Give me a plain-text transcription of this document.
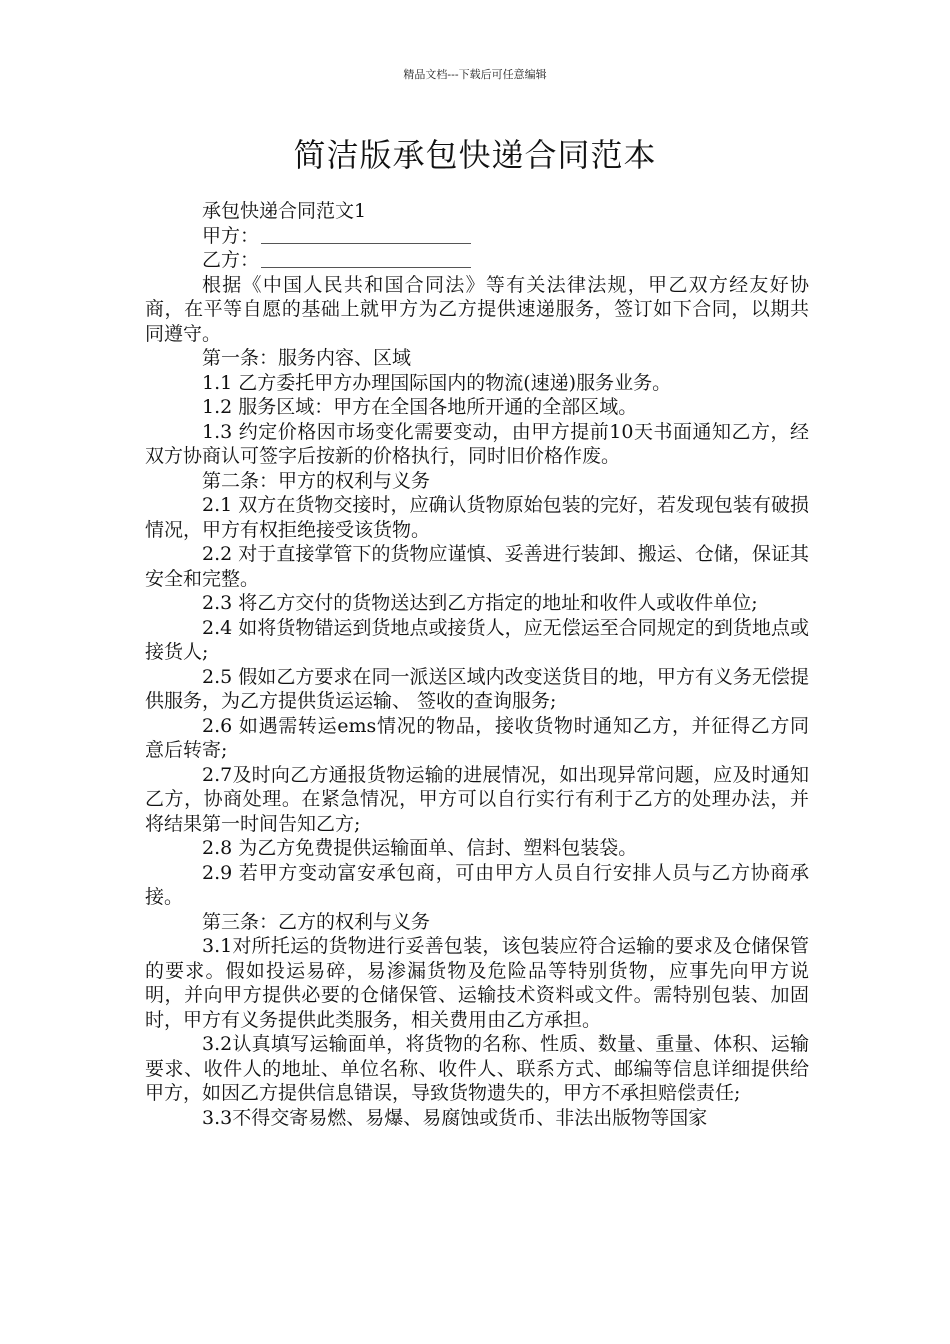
精品文档---下载后可任意编辑
简洁版承包快递合同范本

承包快递合同范文1

甲方：

乙方：

根据《中国人民共和国合同法》等有关法律法规，甲乙双方经友好协商，在平等自愿的基础上就甲方为乙方提供速递服务，签订如下合同，以期共同遵守。

第一条：服务内容、区域

1.1 乙方委托甲方办理国际国内的物流(速递)服务业务。

1.2 服务区域：甲方在全国各地所开通的全部区域。

1.3 约定价格因市场变化需要变动，由甲方提前10天书面通知乙方，经双方协商认可签字后按新的价格执行，同时旧价格作废。

第二条：甲方的权利与义务

2.1 双方在货物交接时，应确认货物原始包装的完好，若发现包装有破损情况，甲方有权拒绝接受该货物。

2.2 对于直接掌管下的货物应谨慎、妥善进行装卸、搬运、仓储，保证其安全和完整。

2.3 将乙方交付的货物送达到乙方指定的地址和收件人或收件单位;

2.4 如将货物错运到货地点或接货人，应无偿运至合同规定的到货地点或接货人;

2.5 假如乙方要求在同一派送区域内改变送货目的地，甲方有义务无偿提供服务，为乙方提供货运运输、 签收的查询服务;

2.6 如遇需转运ems情况的物品，接收货物时通知乙方，并征得乙方同意后转寄;

2.7及时向乙方通报货物运输的进展情况，如出现异常问题，应及时通知乙方，协商处理。在紧急情况，甲方可以自行实行有利于乙方的处理办法，并将结果第一时间告知乙方;

2.8 为乙方免费提供运输面单、信封、塑料包装袋。

2.9 若甲方变动富安承包商，可由甲方人员自行安排人员与乙方协商承接。

第三条：乙方的权利与义务

3.1对所托运的货物进行妥善包装，该包装应符合运输的要求及仓储保管的要求。假如投运易碎，易渗漏货物及危险品等特别货物，应事先向甲方说明，并向甲方提供必要的仓储保管、运输技术资料或文件。需特别包装、加固时，甲方有义务提供此类服务，相关费用由乙方承担。

3.2认真填写运输面单，将货物的名称、性质、数量、重量、体积、运输要求、收件人的地址、单位名称、收件人、联系方式、邮编等信息详细提供给甲方，如因乙方提供信息错误，导致货物遗失的，甲方不承担赔偿责任;

3.3不得交寄易燃、易爆、易腐蚀或货币、非法出版物等国家
